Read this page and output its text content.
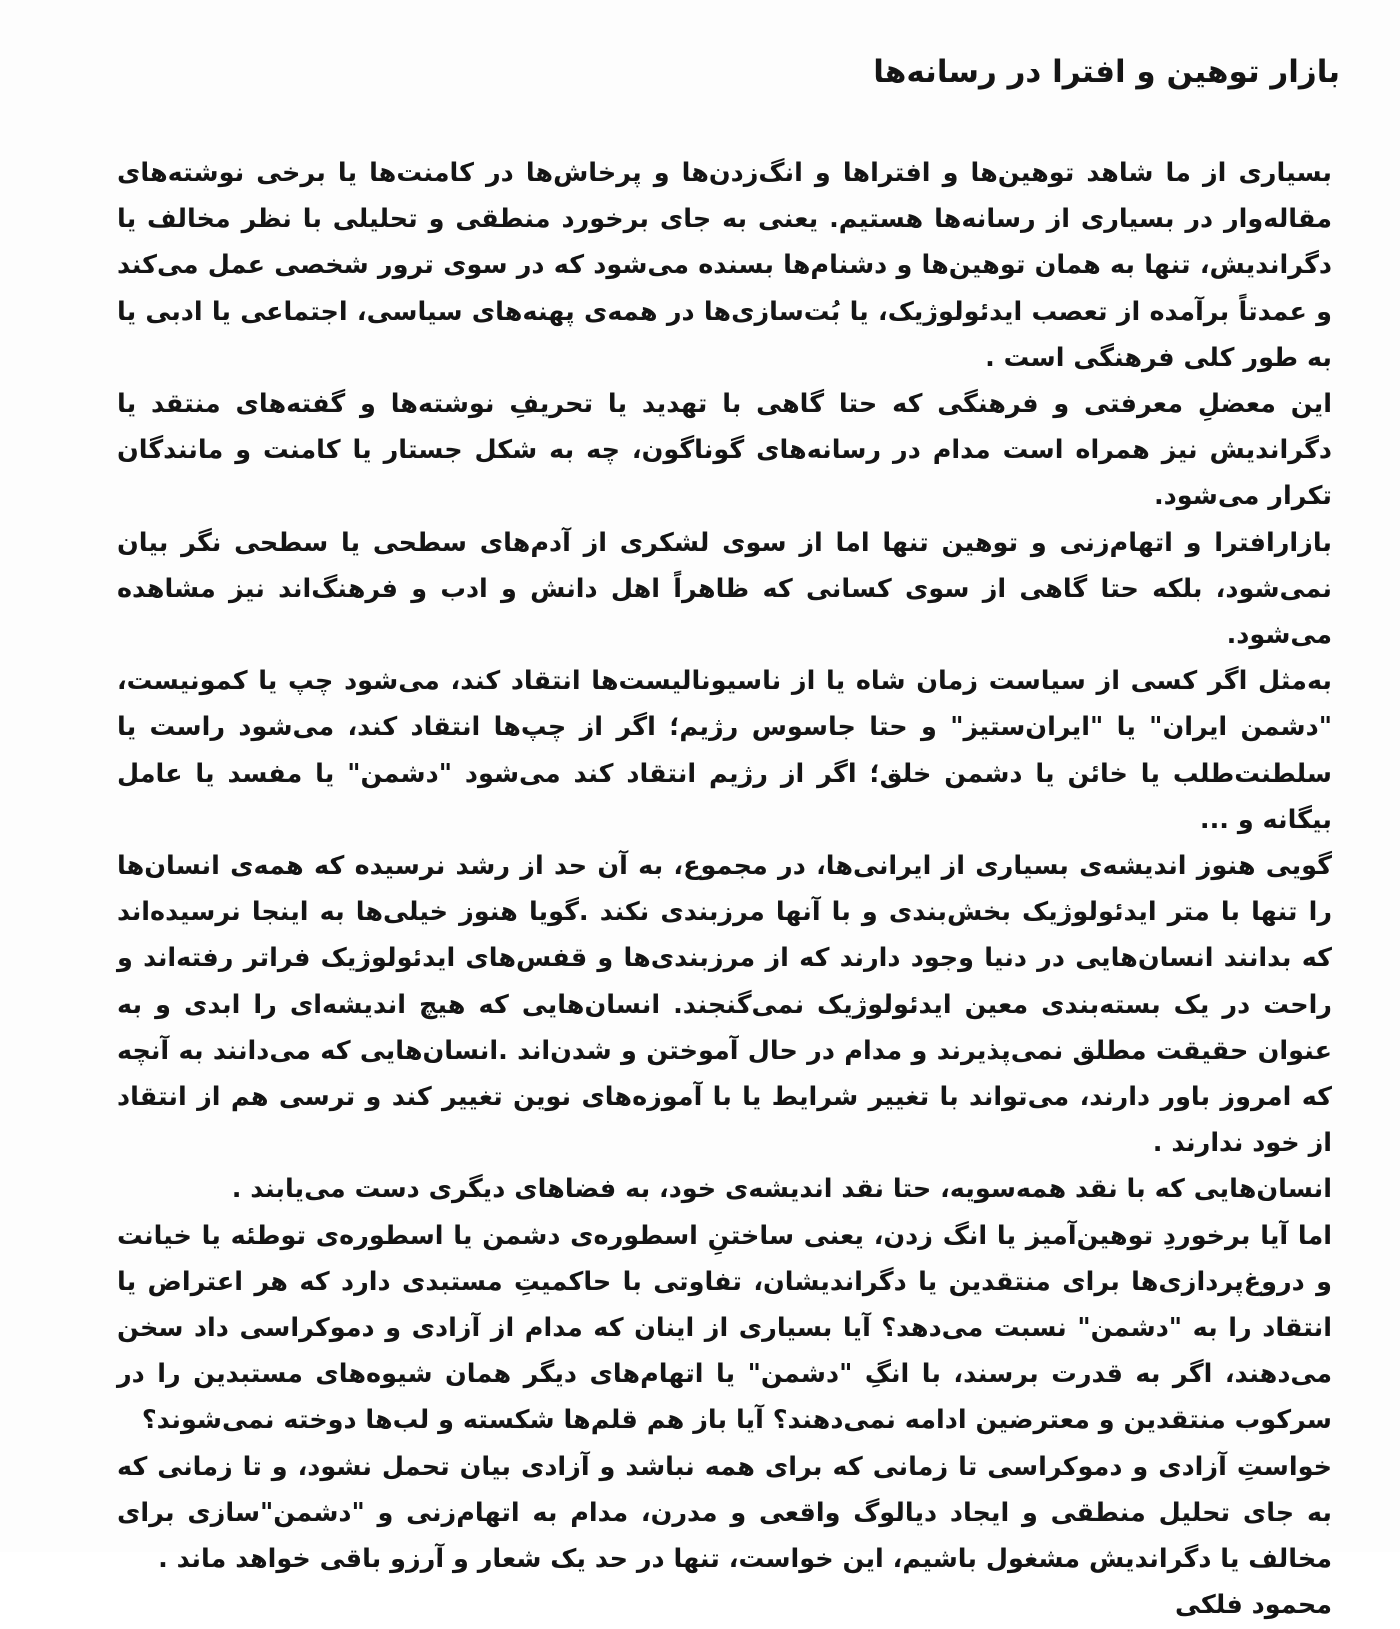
بازار توهین و افترا در رسانه‌ها

بسیاری از ما شاهد توهین‌ها و افتراها و انگ‌زدن‌ها و پرخاش‌ها در کامنت‌ها یا برخی نوشته‌های مقاله‌وار در بسیاری از رسانه‌ها هستیم. یعنی به جای برخورد منطقی و تحلیلی با نظر مخالف یا دگراندیش، تنها به همان توهین‌ها و دشنام‌ها بسنده می‌شود که در سوی ترور شخصی عمل می‌کند و عمدتاً برآمده از تعصب ایدئولوژیک، یا بُت‌سازی‌ها در همه‌ی پهنه‌های سیاسی، اجتماعی یا ادبی یا به طور کلی فرهنگی است .

این معضلِ معرفتی و فرهنگی که حتا گاهی با تهدید یا تحریفِ نوشته‌ها و گفته‌های منتقد یا دگراندیش نیز همراه است مدام در رسانه‌های گوناگون، چه به شکل جستار یا کامنت و مانندگان تکرار می‌شود.

بازارافترا و اتهام‌زنی و توهین تنها اما از سوی لشکری از آدم‌های سطحی یا سطحی نگر بیان نمی‌شود، بلکه حتا گاهی از سوی کسانی که ظاهراً اهل دانش و ادب و فرهنگ‌اند نیز مشاهده می‌شود.

به‌مثل اگر کسی از سیاست زمان شاه یا از ناسیونالیست‌ها انتقاد کند، می‌شود چپ یا کمونیست، "دشمن ایران" یا "ایران‌ستیز" و حتا جاسوس رژیم؛ اگر از چپ‌ها انتقاد کند، می‌شود راست یا سلطنت‌طلب یا خائن یا دشمن خلق؛ اگر از رژیم انتقاد کند می‌شود "دشمن" یا مفسد یا عامل بیگانه و ...

گویی هنوز اندیشه‌ی بسیاری از ایرانی‌ها، در مجموع، به آن حد از رشد نرسیده که همه‌ی انسان‌ها را تنها با متر ایدئولوژیک بخش‌بندی و با آنها مرزبندی نکند .گویا هنوز خیلی‌ها به اینجا نرسیده‌اند که بدانند انسان‌هایی در دنیا وجود دارند که از مرزبندی‌ها و قفس‌های ایدئولوژیک فراتر رفته‌اند و راحت در یک بسته‌بندی معین ایدئولوژیک نمی‌گنجند. انسان‌هایی که هیچ اندیشه‌ای را ابدی و به عنوان حقیقت مطلق نمی‌پذیرند و مدام در حال آموختن و شدن‌اند .انسان‌هایی که می‌دانند به آنچه که امروز باور دارند، می‌تواند با تغییر شرایط یا با آموزه‌های نوین تغییر کند و ترسی هم از انتقاد از خود ندارند .

انسان‌هایی که با نقد همه‌سویه، حتا نقد اندیشه‌ی خود، به فضاهای دیگری دست می‌یابند .

اما آیا برخوردِ توهین‌آمیز یا انگ زدن، یعنی ساختنِ اسطوره‌ی دشمن یا اسطوره‌ی توطئه یا خیانت و دروغ‌پردازی‌ها برای منتقدین یا دگراندیشان، تفاوتی با حاکمیتِ مستبدی دارد که هر اعتراض یا انتقاد را به "دشمن" نسبت می‌دهد؟ آیا بسیاری از اینان که مدام از آزادی و دموکراسی داد سخن می‌دهند، اگر به قدرت برسند، با انگِ "دشمن" یا اتهام‌های دیگر همان شیوه‌های مستبدین را در سرکوب منتقدین و معترضین ادامه نمی‌دهند؟ آیا باز هم قلم‌ها شکسته و لب‌ها دوخته نمی‌شوند؟

خواستِ آزادی و دموکراسی تا زمانی که برای همه نباشد و آزادی بیان تحمل نشود، و تا زمانی که به جای تحلیل منطقی و ایجاد دیالوگ واقعی و مدرن، مدام به اتهام‌زنی و "دشمن"سازی برای مخالف یا دگراندیش مشغول باشیم، این خواست، تنها در حد یک شعار و آرزو باقی خواهد ماند .

محمود فلکی
